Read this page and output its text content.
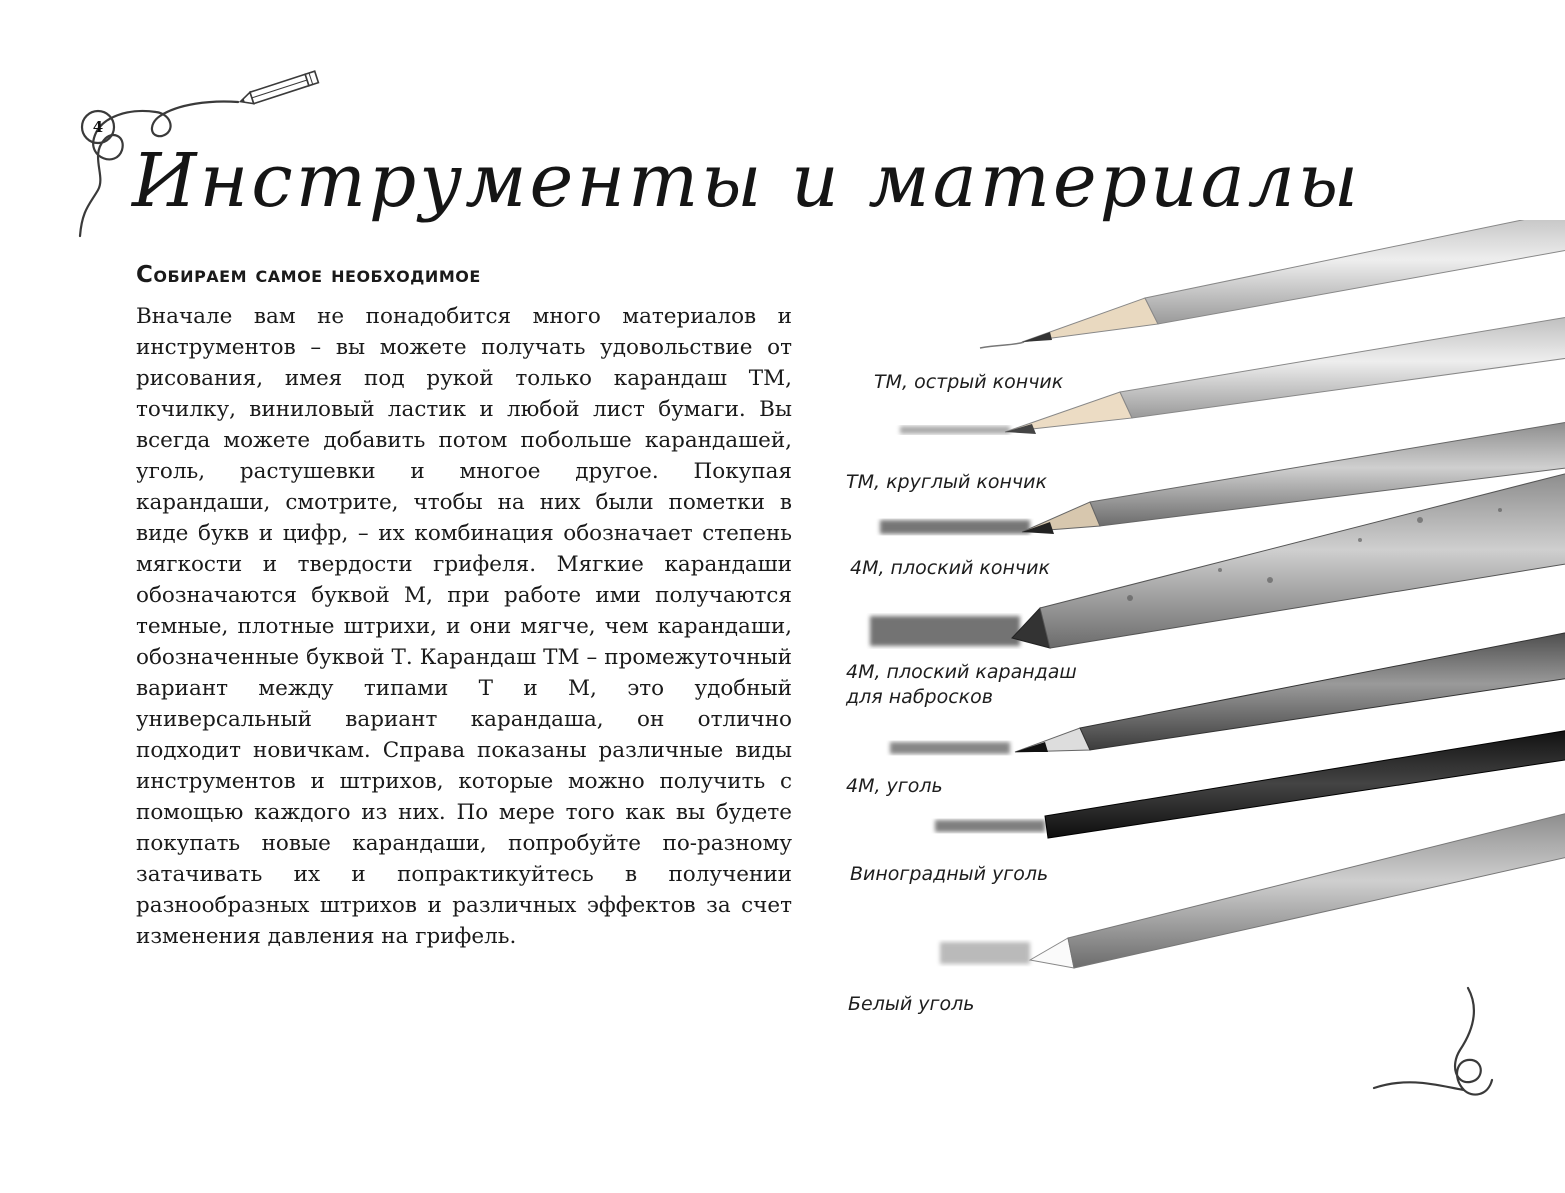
4
Инструменты и материалы
Собираем самое необходимое

Вначале вам не понадобится много материалов и инструментов – вы можете получать удовольствие от рисования, имея под рукой только карандаш ТМ, точилку, виниловый ластик и любой лист бумаги. Вы всегда можете добавить потом побольше карандашей, уголь, растушевки и многое другое. Покупая карандаши, смотрите, чтобы на них были пометки в виде букв и цифр, – их комбинация обозначает степень мягкости и твердости грифеля. Мягкие карандаши обозначаются буквой М, при работе ими получаются темные, плотные штрихи, и они мягче, чем карандаши, обозначенные буквой Т. Карандаш ТМ – промежуточный вариант между типами Т и М, это удобный универсальный вариант карандаша, он отлично подходит новичкам. Справа показаны различные виды инструментов и штрихов, которые можно получить с помощью каждого из них. По мере того как вы будете покупать новые карандаши, попробуйте по-разному затачивать их и попрактикуйтесь в получении разнообразных штрихов и различных эффектов за счет изменения давления на грифель.

ТМ, острый кончик

ТМ, круглый кончик

4М, плоский кончик

4М, плоский карандаш
для набросков

4М, уголь

Виноградный уголь

Белый уголь
